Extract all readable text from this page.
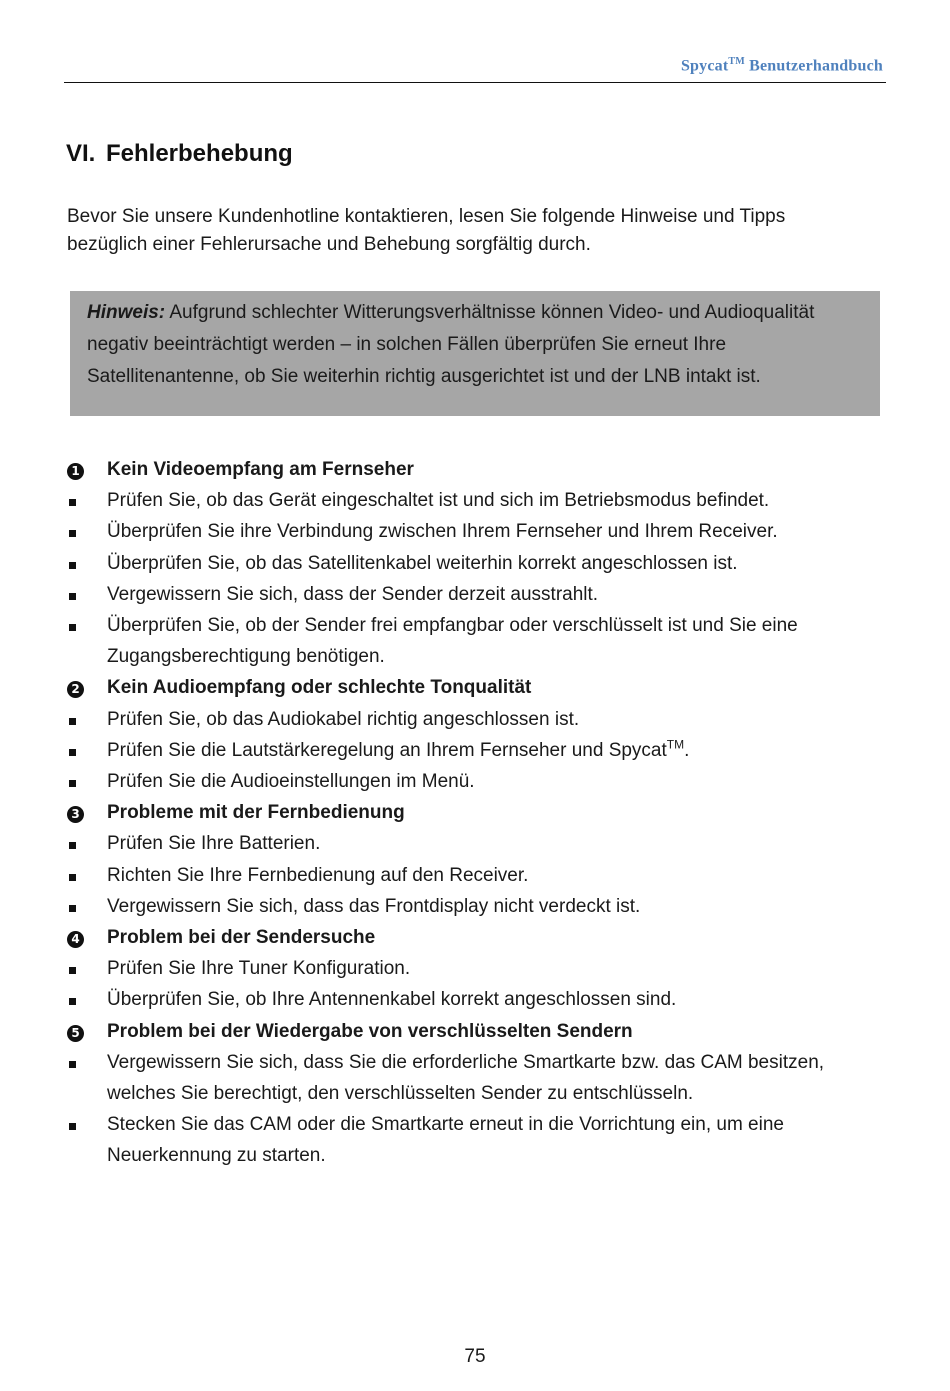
Spycat™ Benutzerhandbuch
VI. Fehlerbehebung

Bevor Sie unsere Kundenhotline kontaktieren, lesen Sie folgende Hinweise und Tipps bezüglich einer Fehlerursache und Behebung sorgfältig durch.

Hinweis: Aufgrund schlechter Witterungsverhältnisse können Video- und Audioqualität negativ beeinträchtigt werden – in solchen Fällen überprüfen Sie erneut Ihre Satellitenantenne, ob Sie weiterhin richtig ausgerichtet ist und der LNB intakt ist.

1 Kein Videoempfang am Fernseher
Prüfen Sie, ob das Gerät eingeschaltet ist und sich im Betriebsmodus befindet.
Überprüfen Sie ihre Verbindung zwischen Ihrem Fernseher und Ihrem Receiver.
Überprüfen Sie, ob das Satellitenkabel weiterhin korrekt angeschlossen ist.
Vergewissern Sie sich, dass der Sender derzeit ausstrahlt.
Überprüfen Sie, ob der Sender frei empfangbar oder verschlüsselt ist und Sie eine Zugangsberechtigung benötigen.
2 Kein Audioempfang oder schlechte Tonqualität
Prüfen Sie, ob das Audiokabel richtig angeschlossen ist.
Prüfen Sie die Lautstärkeregelung an Ihrem Fernseher und Spycat™.
Prüfen Sie die Audioeinstellungen im Menü.
3 Probleme mit der Fernbedienung
Prüfen Sie Ihre Batterien.
Richten Sie Ihre Fernbedienung auf den Receiver.
Vergewissern Sie sich, dass das Frontdisplay nicht verdeckt ist.
4 Problem bei der Sendersuche
Prüfen Sie Ihre Tuner Konfiguration.
Überprüfen Sie, ob Ihre Antennenkabel korrekt angeschlossen sind.
5 Problem bei der Wiedergabe von verschlüsselten Sendern
Vergewissern Sie sich, dass Sie die erforderliche Smartkarte bzw. das CAM besitzen, welches Sie berechtigt, den verschlüsselten Sender zu entschlüsseln.
Stecken Sie das CAM oder die Smartkarte erneut in die Vorrichtung ein, um eine Neuerkennung zu starten.
75
